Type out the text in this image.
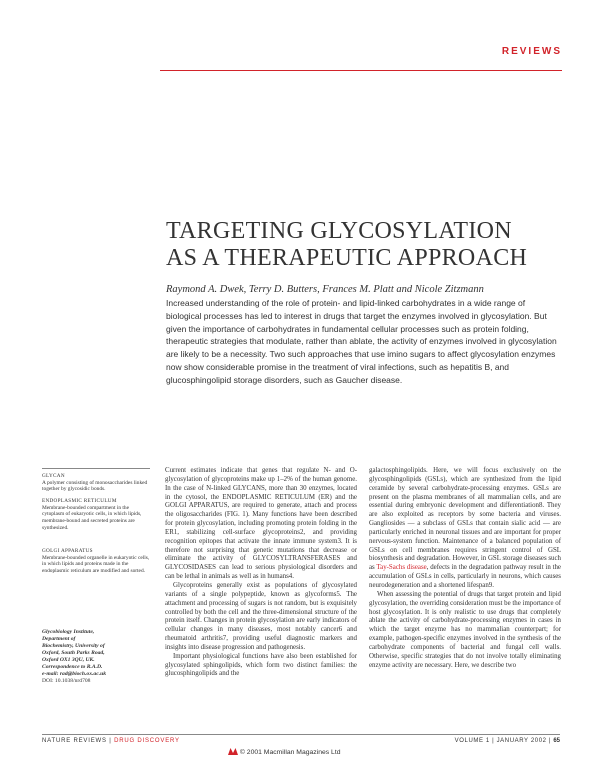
REVIEWS
TARGETING GLYCOSYLATION
AS A THERAPEUTIC APPROACH
Raymond A. Dwek, Terry D. Butters, Frances M. Platt and Nicole Zitzmann
Increased understanding of the role of protein- and lipid-linked carbohydrates in a wide range of biological processes has led to interest in drugs that target the enzymes involved in glycosylation. But given the importance of carbohydrates in fundamental cellular processes such as protein folding, therapeutic strategies that modulate, rather than ablate, the activity of enzymes involved in glycosylation are likely to be a necessity. Two such approaches that use imino sugars to affect glycosylation enzymes now show considerable promise in the treatment of viral infections, such as hepatitis B, and glucosphingolipid storage disorders, such as Gaucher disease.
GLYCAN
A polymer consisting of monosaccharides linked together by glycosidic bonds.
ENDOPLASMIC RETICULUM
Membrane-bounded compartment in the cytoplasm of eukaryotic cells, in which lipids, membrane-bound and secreted proteins are synthesized.
GOLGI APPARATUS
Membrane-bounded organelle in eukaryotic cells, in which lipids and proteins made in the endoplasmic reticulum are modified and sorted.
Glycobiology Institute,
Department of
Biochemistry, University of
Oxford, South Parks Road,
Oxford OX1 3QU, UK.
Correspondence to R.A.D.
e-mail: rad@bioch.ox.ac.uk
DOI: 10.1038/nrd708

Current estimates indicate that genes that regulate N- and O-glycosylation of glycoproteins make up 1–2% of the human genome. In the case of N-linked GLYCANS, more than 30 enzymes, located in the cytosol, the ENDOPLASMIC RETICULUM (ER) and the GOLGI APPARATUS, are required to generate, attach and process the oligosaccharides (FIG. 1). Many functions have been described for protein glycosylation, including promoting protein folding in the ER1, stabilizing cell-surface glycoproteins2, and providing recognition epitopes that activate the innate immune system3. It is therefore not surprising that genetic mutations that decrease or eliminate the activity of GLYCOSYLTRANSFERASES and GLYCOSIDASES can lead to serious physiological disorders and can be lethal in animals as well as in humans4.

Glycoproteins generally exist as populations of glycosylated variants of a single polypeptide, known as glycoforms5. The attachment and processing of sugars is not random, but is exquisitely controlled by both the cell and the three-dimensional structure of the protein itself. Changes in protein glycosylation are early indicators of cellular changes in many diseases, most notably cancer6 and rheumatoid arthritis7, providing useful diagnostic markers and insights into disease progression and pathogenesis.

Important physiological functions have also been established for glycosylated sphingolipids, which form two distinct families: the glucosphingolipids and the

galactosphingolipids. Here, we will focus exclusively on the glycosphingolipids (GSLs), which are synthesized from the lipid ceramide by several carbohydrate-processing enzymes. GSLs are present on the plasma membranes of all mammalian cells, and are essential during embryonic development and differentiation8. They are also exploited as receptors by some bacteria and viruses. Gangliosides — a subclass of GSLs that contain sialic acid — are particularly enriched in neuronal tissues and are important for proper nervous-system function. Maintenance of a balanced population of GSLs on cell membranes requires stringent control of GSL biosynthesis and degradation. However, in GSL storage diseases such as Tay-Sachs disease, defects in the degradation pathway result in the accumulation of GSLs in cells, particularly in neurons, which causes neurodegeneration and a shortened lifespan9.

When assessing the potential of drugs that target protein and lipid glycosylation, the overriding consideration must be the importance of host glycosylation. It is only realistic to use drugs that completely ablate the activity of carbohydrate-processing enzymes in cases in which the target enzyme has no mammalian counterpart; for example, pathogen-specific enzymes involved in the synthesis of the carbohydrate components of bacterial and fungal cell walls. Otherwise, specific strategies that do not involve totally eliminating enzyme activity are necessary. Here, we describe two

NATURE REVIEWS | DRUG DISCOVERY
© 2001 Macmillan Magazines Ltd
VOLUME 1 | JANUARY 2002 | 65
